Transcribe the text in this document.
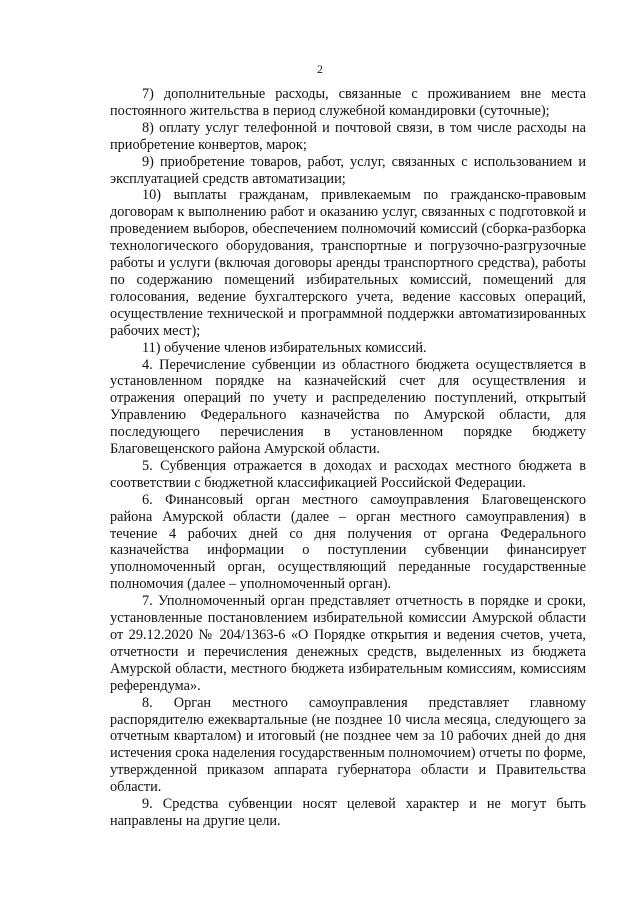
2

7) дополнительные расходы, связанные с проживанием вне места постоянного жительства в период служебной командировки (суточные);

8) оплату услуг телефонной и почтовой связи, в том числе расходы на приобретение конвертов, марок;

9) приобретение товаров, работ, услуг, связанных с использованием и эксплуатацией средств автоматизации;

10) выплаты гражданам, привлекаемым по гражданско-правовым договорам к выполнению работ и оказанию услуг, связанных с подготовкой и проведением выборов, обеспечением полномочий комиссий (сборка-разборка технологического оборудования, транспортные и погрузочно-разгрузочные работы и услуги (включая договоры аренды транспортного средства), работы по содержанию помещений избирательных комиссий, помещений для голосования, ведение бухгалтерского учета, ведение кассовых операций, осуществление технической и программной поддержки автоматизированных рабочих мест);

11) обучение членов избирательных комиссий.

4. Перечисление субвенции из областного бюджета осуществляется в установленном порядке на казначейский счет для осуществления и отражения операций по учету и распределению поступлений, открытый Управлению Федерального казначейства по Амурской области, для последующего перечисления в установленном порядке бюджету Благовещенского района Амурской области.

5. Субвенция отражается в доходах и расходах местного бюджета в соответствии с бюджетной классификацией Российской Федерации.

6. Финансовый орган местного самоуправления Благовещенского района Амурской области (далее – орган местного самоуправления) в течение 4 рабочих дней со дня получения от органа Федерального казначейства информации о поступлении субвенции финансирует уполномоченный орган, осуществляющий переданные государственные полномочия (далее – уполномоченный орган).

7. Уполномоченный орган представляет отчетность в порядке и сроки, установленные постановлением избирательной комиссии Амурской области от 29.12.2020 № 204/1363-6 «О Порядке открытия и ведения счетов, учета, отчетности и перечисления денежных средств, выделенных из бюджета Амурской области, местного бюджета избирательным комиссиям, комиссиям референдума».

8. Орган местного самоуправления представляет главному распорядителю ежеквартальные (не позднее 10 числа месяца, следующего за отчетным кварталом) и итоговый (не позднее чем за 10 рабочих дней до дня истечения срока наделения государственным полномочием) отчеты по форме, утвержденной приказом аппарата губернатора области и Правительства области.

9. Средства субвенции носят целевой характер и не могут быть направлены на другие цели.
